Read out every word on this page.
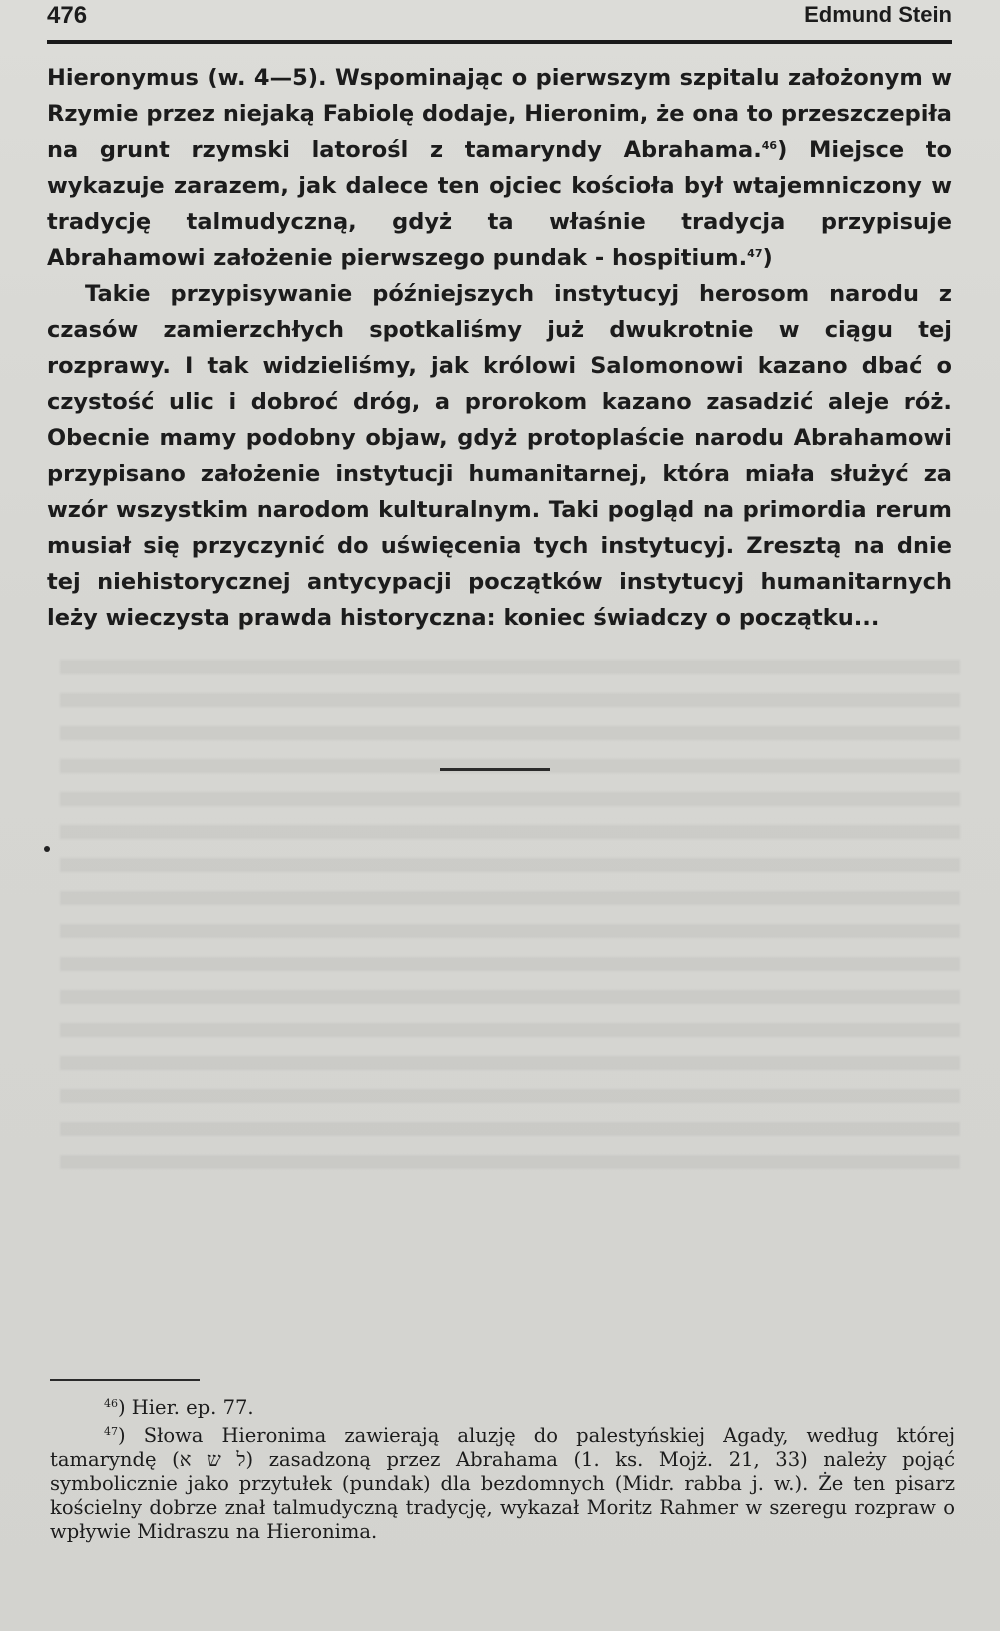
476	Edmund Stein

Hieronymus (w. 4—5). Wspominając o pierwszym szpitalu założonym w Rzymie przez niejaką Fabiolę dodaje, Hieronim, że ona to przeszczepiła na grunt rzymski latorośl z tamaryndy Abrahama.$^{46}$) Miejsce to wykazuje zarazem, jak dalece ten ojciec kościoła był wtajemniczony w tradycję talmudyczną, gdyż ta właśnie tradycja przypisuje Abrahamowi założenie pierwszego pundak - hospitium.$^{47}$)

Takie przypisywanie późniejszych instytucyj herosom narodu z czasów zamierzchłych spotkaliśmy już dwukrotnie w ciągu tej rozprawy. I tak widzieliśmy, jak królowi Salomonowi kazano dbać o czystość ulic i dobroć dróg, a prorokom kazano zasadzić aleje róż. Obecnie mamy podobny objaw, gdyż protoplaście narodu Abrahamowi przypisano założenie instytucji humanitarnej, która miała służyć za wzór wszystkim narodom kulturalnym. Taki pogląd na primordia rerum musiał się przyczynić do uświęcenia tych instytucyj. Zresztą na dnie tej niehistorycznej antycypacji początków instytucyj humanitarnych leży wieczysta prawda historyczna: koniec świadczy o początku...

$^{46}$) Hier. ep. 77.

$^{47}$) Słowa Hieronima zawierają aluzję do palestyńskiej Agady, według której tamaryndę (ל ש א) zasadzoną przez Abrahama (1. ks. Mojż. 21, 33) należy pojąć symbolicznie jako przytułek (pundak) dla bezdomnych (Midr. rabba j. w.). Że ten pisarz kościelny dobrze znał talmudyczną tradycję, wykazał Moritz Rahmer w szeregu rozpraw o wpływie Midraszu na Hieronima.
